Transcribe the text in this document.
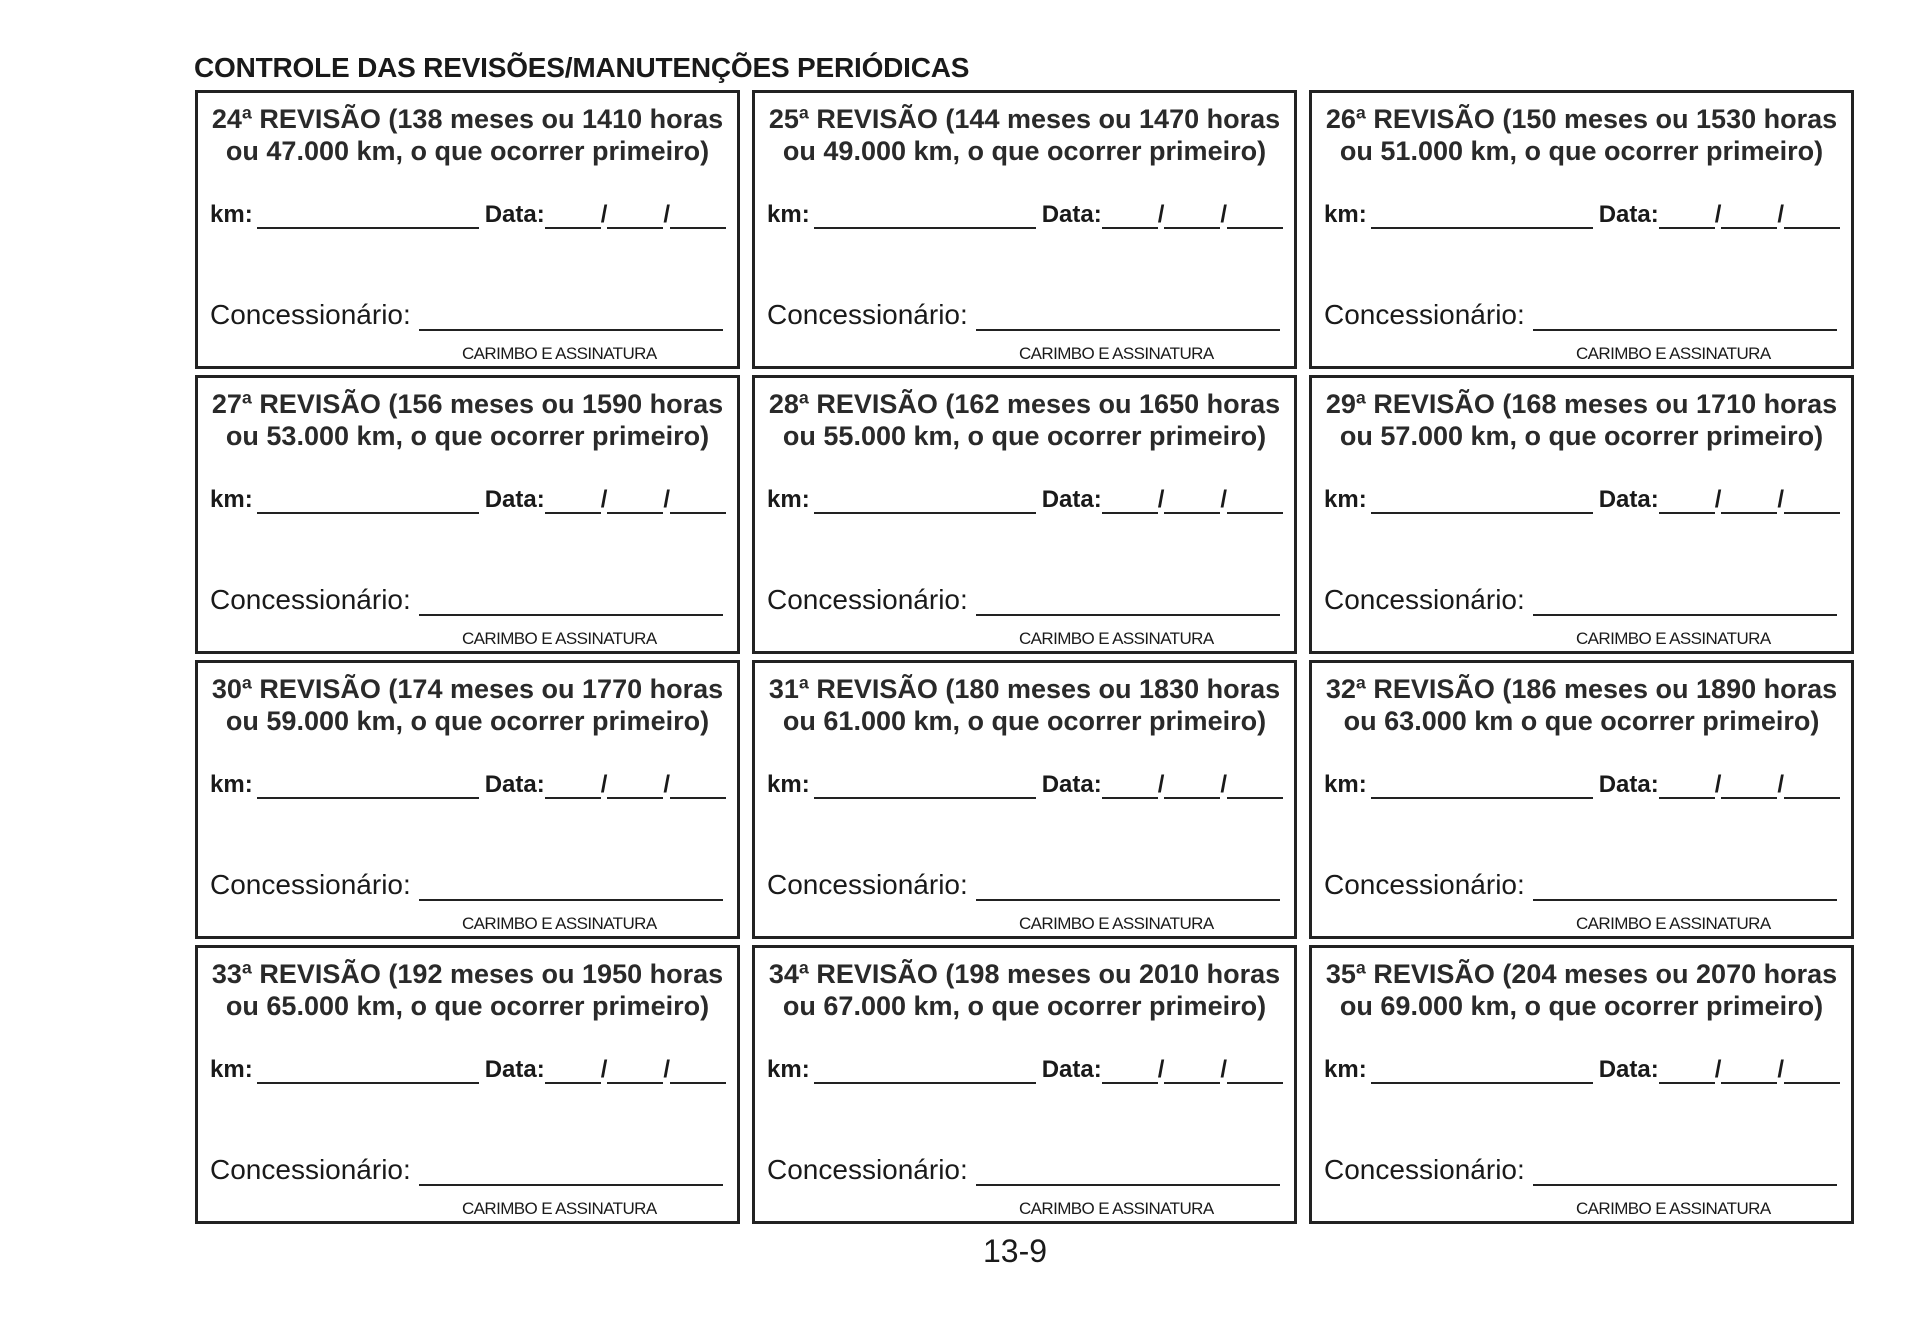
CONTROLE DAS REVISÕES/MANUTENÇÕES PERIÓDICAS
24ª REVISÃO (138 meses ou 1410 horas
ou 47.000 km, o que ocorrer primeiro)
km:	Data: / /
Concessionário:
CARIMBO E ASSINATURA
25ª REVISÃO (144 meses ou 1470 horas
ou 49.000 km, o que ocorrer primeiro)
km:	Data: / /
Concessionário:
CARIMBO E ASSINATURA
26ª REVISÃO (150 meses ou 1530 horas
ou 51.000 km, o que ocorrer primeiro)
km:	Data: / /
Concessionário:
CARIMBO E ASSINATURA
27ª REVISÃO (156 meses ou 1590 horas
ou 53.000 km, o que ocorrer primeiro)
km:	Data: / /
Concessionário:
CARIMBO E ASSINATURA
28ª REVISÃO (162 meses ou 1650 horas
ou 55.000 km, o que ocorrer primeiro)
km:	Data: / /
Concessionário:
CARIMBO E ASSINATURA
29ª REVISÃO (168 meses ou 1710 horas
ou 57.000 km, o que ocorrer primeiro)
km:	Data: / /
Concessionário:
CARIMBO E ASSINATURA
30ª REVISÃO (174 meses ou 1770 horas
ou 59.000 km, o que ocorrer primeiro)
km:	Data: / /
Concessionário:
CARIMBO E ASSINATURA
31ª REVISÃO (180 meses ou 1830 horas
ou 61.000 km, o que ocorrer primeiro)
km:	Data: / /
Concessionário:
CARIMBO E ASSINATURA
32ª REVISÃO (186 meses ou 1890 horas
ou 63.000 km o que ocorrer primeiro)
km:	Data: / /
Concessionário:
CARIMBO E ASSINATURA
33ª REVISÃO (192 meses ou 1950 horas
ou 65.000 km, o que ocorrer primeiro)
km:	Data: / /
Concessionário:
CARIMBO E ASSINATURA
34ª REVISÃO (198 meses ou 2010 horas
ou 67.000 km, o que ocorrer primeiro)
km:	Data: / /
Concessionário:
CARIMBO E ASSINATURA
35ª REVISÃO (204 meses ou 2070 horas
ou 69.000 km, o que ocorrer primeiro)
km:	Data: / /
Concessionário:
CARIMBO E ASSINATURA
13-9
